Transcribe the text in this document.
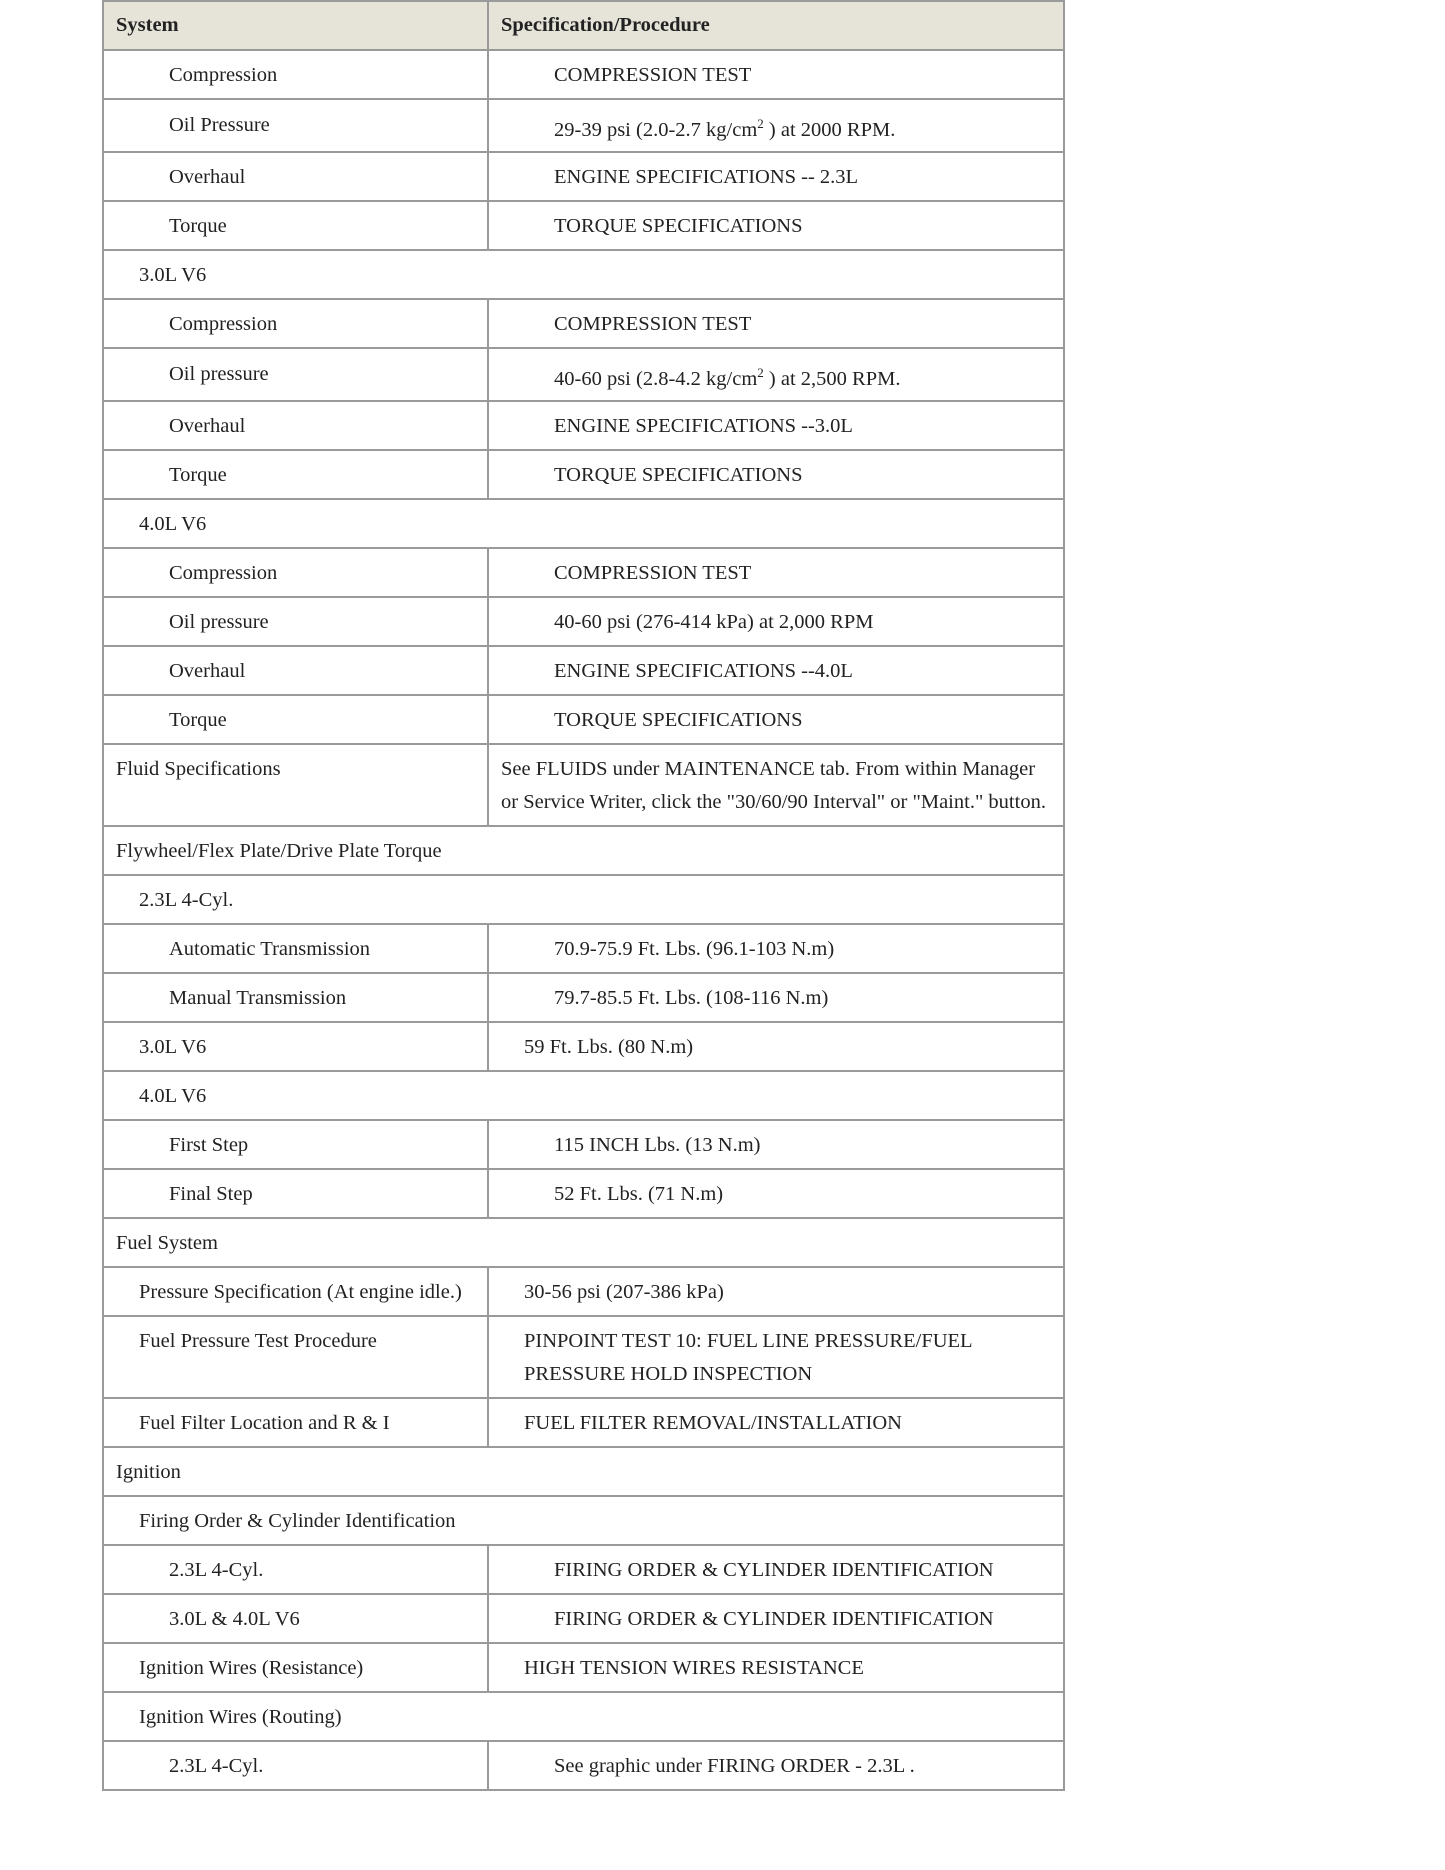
System	Specification/Procedure
Compression	COMPRESSION TEST
Oil Pressure	29-39 psi (2.0-2.7 $kg/cm^2$ ) at 2000 RPM.
Overhaul	ENGINE SPECIFICATIONS -- 2.3L
Torque	TORQUE SPECIFICATIONS
3.0L V6	
Compression	COMPRESSION TEST
Oil pressure	40-60 psi (2.8-4.2 $kg/cm^2$ ) at 2,500 RPM.
Overhaul	ENGINE SPECIFICATIONS --3.0L
Torque	TORQUE SPECIFICATIONS
4.0L V6	
Compression	COMPRESSION TEST
Oil pressure	40-60 psi (276-414 kPa) at 2,000 RPM
Overhaul	ENGINE SPECIFICATIONS --4.0L
Torque	TORQUE SPECIFICATIONS
Fluid Specifications	See FLUIDS under MAINTENANCE tab. From within Manager or Service Writer, click the "30/60/90 Interval" or "Maint." button.
Flywheel/Flex Plate/Drive Plate Torque	
2.3L 4-Cyl.	
Automatic Transmission	70.9-75.9 Ft. Lbs. (96.1-103 N.m)
Manual Transmission	79.7-85.5 Ft. Lbs. (108-116 N.m)
3.0L V6	59 Ft. Lbs. (80 N.m)
4.0L V6	
First Step	115 INCH Lbs. (13 N.m)
Final Step	52 Ft. Lbs. (71 N.m)
Fuel System	
Pressure Specification (At engine idle.)	30-56 psi (207-386 kPa)
Fuel Pressure Test Procedure	PINPOINT TEST 10: FUEL LINE PRESSURE/FUEL PRESSURE HOLD INSPECTION
Fuel Filter Location and R & I	FUEL FILTER REMOVAL/INSTALLATION
Ignition	
Firing Order & Cylinder Identification	
2.3L 4-Cyl.	FIRING ORDER & CYLINDER IDENTIFICATION
3.0L & 4.0L V6	FIRING ORDER & CYLINDER IDENTIFICATION
Ignition Wires (Resistance)	HIGH TENSION WIRES RESISTANCE
Ignition Wires (Routing)	
2.3L 4-Cyl.	See graphic under FIRING ORDER - 2.3L .
